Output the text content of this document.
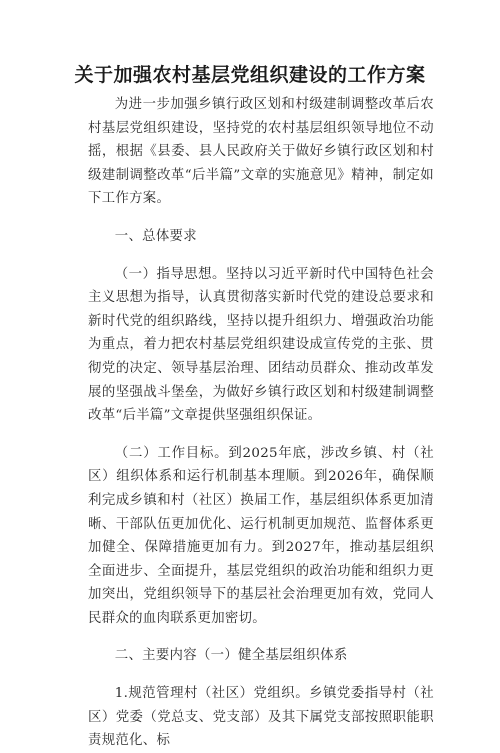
关于加强农村基层党组织建设的工作方案

为进一步加强乡镇行政区划和村级建制调整改革后农村基层党组织建设，坚持党的农村基层组织领导地位不动摇，根据《县委、县人民政府关于做好乡镇行政区划和村级建制调整改革“后半篇”文章的实施意见》精神，制定如下工作方案。

一、总体要求

（一）指导思想。坚持以习近平新时代中国特色社会主义思想为指导，认真贯彻落实新时代党的建设总要求和新时代党的组织路线，坚持以提升组织力、增强政治功能为重点，着力把农村基层党组织建设成宣传党的主张、贯彻党的决定、领导基层治理、团结动员群众、推动改革发展的坚强战斗堡垒，为做好乡镇行政区划和村级建制调整改革“后半篇”文章提供坚强组织保证。

（二）工作目标。到2025年底，涉改乡镇、村（社区）组织体系和运行机制基本理顺。到2026年，确保顺利完成乡镇和村（社区）换届工作，基层组织体系更加清晰、干部队伍更加优化、运行机制更加规范、监督体系更加健全、保障措施更加有力。到2027年，推动基层组织全面进步、全面提升，基层党组织的政治功能和组织力更加突出，党组织领导下的基层社会治理更加有效，党同人民群众的血肉联系更加密切。

二、主要内容（一）健全基层组织体系

1.规范管理村（社区）党组织。乡镇党委指导村（社区）党委（党总支、党支部）及其下属党支部按照职能职责规范化、标
